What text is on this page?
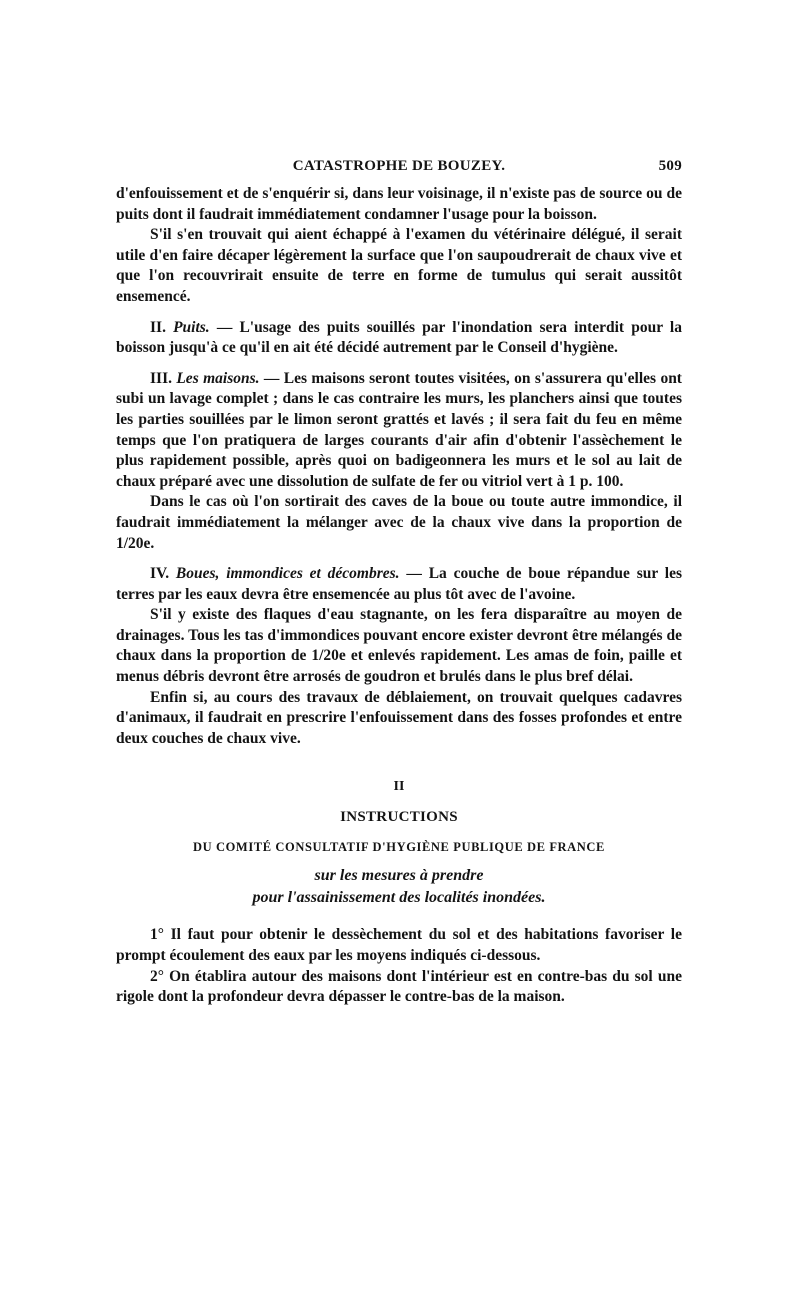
CATASTROPHE DE BOUZEY.	509

d'enfouissement et de s'enquérir si, dans leur voisinage, il n'existe pas de source ou de puits dont il faudrait immédiatement condamner l'usage pour la boisson.

S'il s'en trouvait qui aient échappé à l'examen du vétérinaire délégué, il serait utile d'en faire décaper légèrement la surface que l'on saupoudrerait de chaux vive et que l'on recouvrirait ensuite de terre en forme de tumulus qui serait aussitôt ensemencé.

II. Puits. — L'usage des puits souillés par l'inondation sera interdit pour la boisson jusqu'à ce qu'il en ait été décidé autrement par le Conseil d'hygiène.

III. Les maisons. — Les maisons seront toutes visitées, on s'assurera qu'elles ont subi un lavage complet ; dans le cas contraire les murs, les planchers ainsi que toutes les parties souillées par le limon seront grattés et lavés ; il sera fait du feu en même temps que l'on pratiquera de larges courants d'air afin d'obtenir l'assèchement le plus rapidement possible, après quoi on badigeonnera les murs et le sol au lait de chaux préparé avec une dissolution de sulfate de fer ou vitriol vert à 1 p. 100.

Dans le cas où l'on sortirait des caves de la boue ou toute autre immondice, il faudrait immédiatement la mélanger avec de la chaux vive dans la proportion de 1/20e.

IV. Boues, immondices et décombres. — La couche de boue répandue sur les terres par les eaux devra être ensemencée au plus tôt avec de l'avoine.

S'il y existe des flaques d'eau stagnante, on les fera disparaître au moyen de drainages. Tous les tas d'immondices pouvant encore exister devront être mélangés de chaux dans la proportion de 1/20e et enlevés rapidement. Les amas de foin, paille et menus débris devront être arrosés de goudron et brulés dans le plus bref délai.

Enfin si, au cours des travaux de déblaiement, on trouvait quelques cadavres d'animaux, il faudrait en prescrire l'enfouissement dans des fosses profondes et entre deux couches de chaux vive.

II
INSTRUCTIONS
DU COMITÉ CONSULTATIF D'HYGIÈNE PUBLIQUE DE FRANCE
sur les mesures à prendre
pour l'assainissement des localités inondées.

1° Il faut pour obtenir le dessèchement du sol et des habitations favoriser le prompt écoulement des eaux par les moyens indiqués ci-dessous.

2° On établira autour des maisons dont l'intérieur est en contre-bas du sol une rigole dont la profondeur devra dépasser le contre-bas de la maison.
